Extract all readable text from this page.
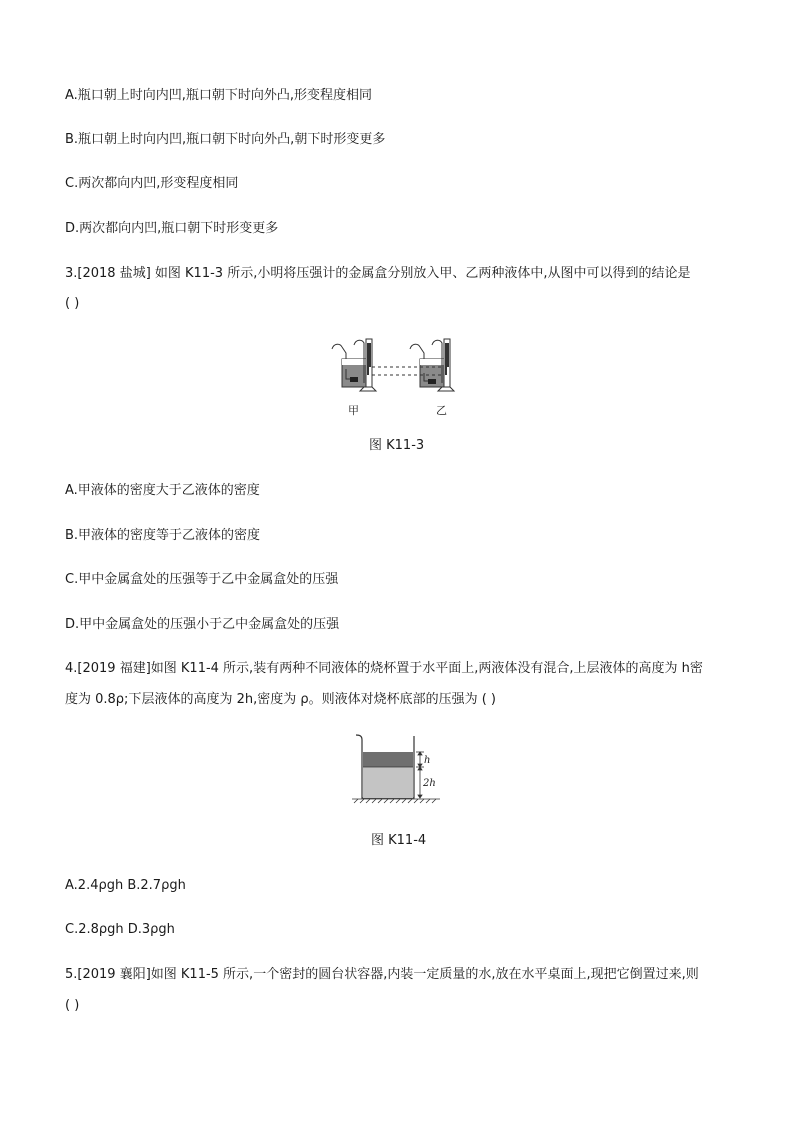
A.瓶口朝上时向内凹,瓶口朝下时向外凸,形变程度相同
B.瓶口朝上时向内凹,瓶口朝下时向外凸,朝下时形变更多
C.两次都向内凹,形变程度相同
D.两次都向内凹,瓶口朝下时形变更多
3.[2018 盐城] 如图 K11-3 所示,小明将压强计的金属盒分别放入甲、乙两种液体中,从图中可以得到的结论是
( )
甲	乙
图 K11-3
A.甲液体的密度大于乙液体的密度
B.甲液体的密度等于乙液体的密度
C.甲中金属盒处的压强等于乙中金属盒处的压强
D.甲中金属盒处的压强小于乙中金属盒处的压强
4.[2019 福建]如图 K11-4 所示,装有两种不同液体的烧杯置于水平面上,两液体没有混合,上层液体的高度为 h密
度为 0.8ρ;下层液体的高度为 2h,密度为 ρ。则液体对烧杯底部的压强为 ( )
h
2h
图 K11-4
A.2.4ρgh B.2.7ρgh
C.2.8ρgh D.3ρgh
5.[2019 襄阳]如图 K11-5 所示,一个密封的圆台状容器,内装一定质量的水,放在水平桌面上,现把它倒置过来,则
( )
